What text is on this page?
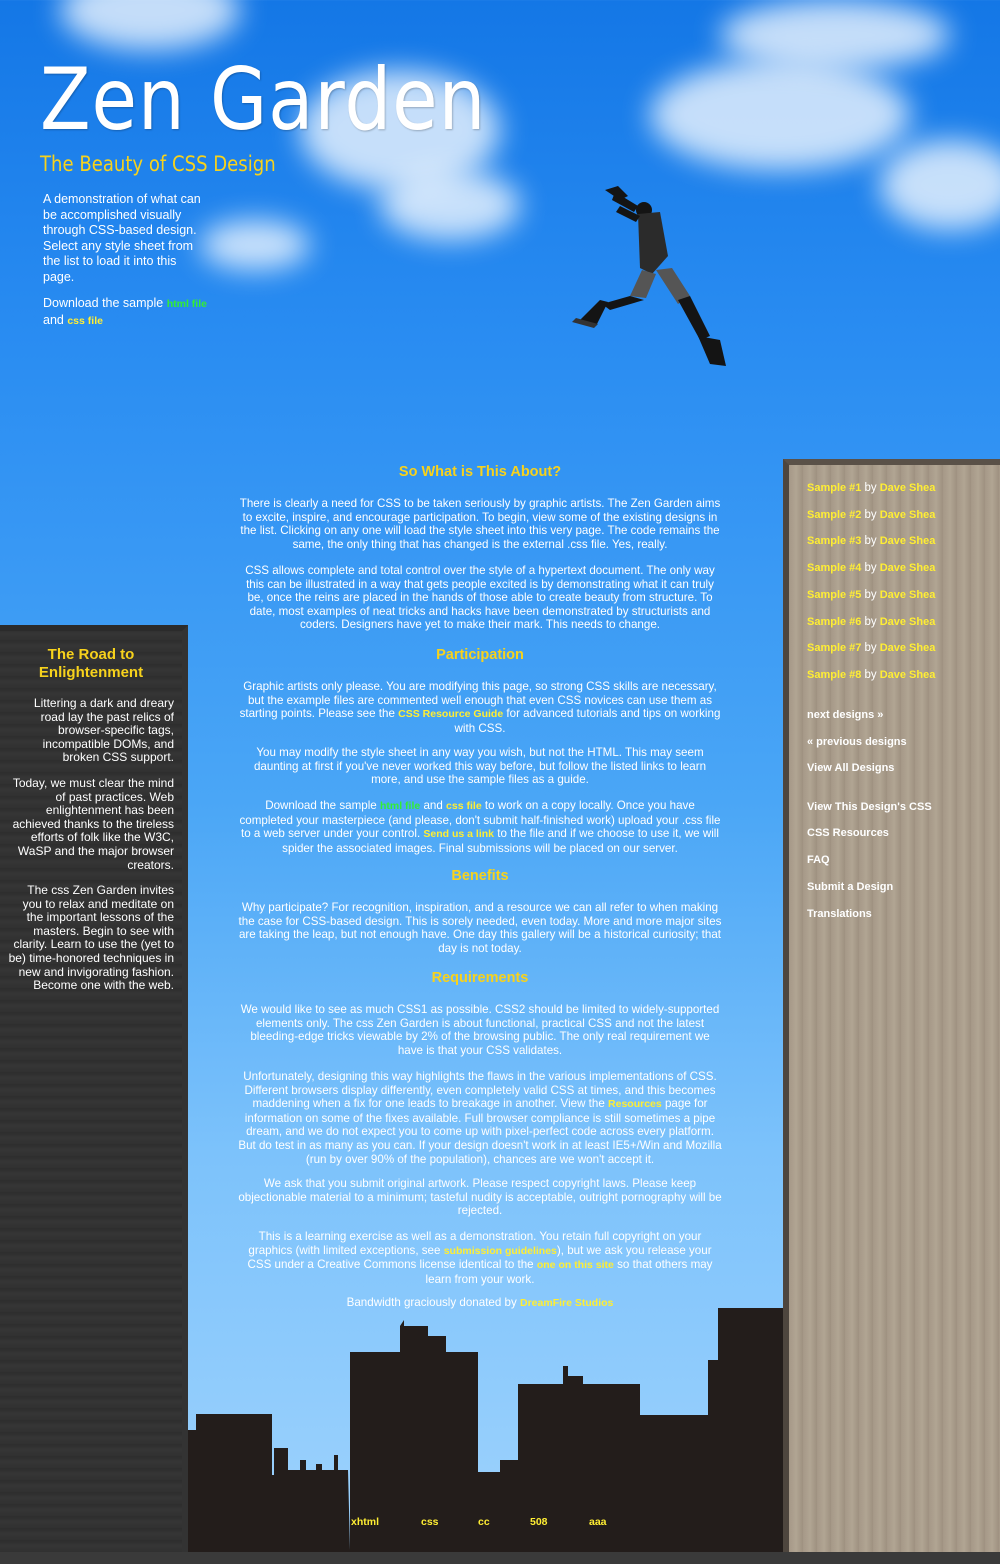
Zen Garden
The Beauty of CSS Design

A demonstration of what can be accomplished visually through CSS-based design. Select any style sheet from the list to load it into this page.

Download the sample html file and css file

The Road to Enlightenment

Littering a dark and dreary road lay the past relics of browser-specific tags, incompatible DOMs, and broken CSS support.

Today, we must clear the mind of past practices. Web enlightenment has been achieved thanks to the tireless efforts of folk like the W3C, WaSP and the major browser creators.

The css Zen Garden invites you to relax and meditate on the important lessons of the masters. Begin to see with clarity. Learn to use the (yet to be) time-honored techniques in new and invigorating fashion. Become one with the web.

Sample #1 by Dave Shea
Sample #2 by Dave Shea
Sample #3 by Dave Shea
Sample #4 by Dave Shea
Sample #5 by Dave Shea
Sample #6 by Dave Shea
Sample #7 by Dave Shea
Sample #8 by Dave Shea
next designs »
« previous designs
View All Designs
View This Design's CSS
CSS Resources
FAQ
Submit a Design
Translations
So What is This About?

There is clearly a need for CSS to be taken seriously by graphic artists. The Zen Garden aims to excite, inspire, and encourage participation. To begin, view some of the existing designs in the list. Clicking on any one will load the style sheet into this very page. The code remains the same, the only thing that has changed is the external .css file. Yes, really.

CSS allows complete and total control over the style of a hypertext document. The only way this can be illustrated in a way that gets people excited is by demonstrating what it can truly be, once the reins are placed in the hands of those able to create beauty from structure. To date, most examples of neat tricks and hacks have been demonstrated by structurists and coders. Designers have yet to make their mark. This needs to change.

Participation

Graphic artists only please. You are modifying this page, so strong CSS skills are necessary, but the example files are commented well enough that even CSS novices can use them as starting points. Please see the CSS Resource Guide for advanced tutorials and tips on working with CSS.

You may modify the style sheet in any way you wish, but not the HTML. This may seem daunting at first if you've never worked this way before, but follow the listed links to learn more, and use the sample files as a guide.

Download the sample html file and css file to work on a copy locally. Once you have completed your masterpiece (and please, don't submit half-finished work) upload your .css file to a web server under your control. Send us a link to the file and if we choose to use it, we will spider the associated images. Final submissions will be placed on our server.

Benefits

Why participate? For recognition, inspiration, and a resource we can all refer to when making the case for CSS-based design. This is sorely needed, even today. More and more major sites are taking the leap, but not enough have. One day this gallery will be a historical curiosity; that day is not today.

Requirements

We would like to see as much CSS1 as possible. CSS2 should be limited to widely-supported elements only. The css Zen Garden is about functional, practical CSS and not the latest bleeding-edge tricks viewable by 2% of the browsing public. The only real requirement we have is that your CSS validates.

Unfortunately, designing this way highlights the flaws in the various implementations of CSS. Different browsers display differently, even completely valid CSS at times, and this becomes maddening when a fix for one leads to breakage in another. View the Resources page for information on some of the fixes available. Full browser compliance is still sometimes a pipe dream, and we do not expect you to come up with pixel-perfect code across every platform. But do test in as many as you can. If your design doesn't work in at least IE5+/Win and Mozilla (run by over 90% of the population), chances are we won't accept it.

We ask that you submit original artwork. Please respect copyright laws. Please keep objectionable material to a minimum; tasteful nudity is acceptable, outright pornography will be rejected.

This is a learning exercise as well as a demonstration. You retain full copyright on your graphics (with limited exceptions, see submission guidelines), but we ask you release your CSS under a Creative Commons license identical to the one on this site so that others may learn from your work.

Bandwidth graciously donated by DreamFire Studios

xhtml	css	cc	508	aaa
